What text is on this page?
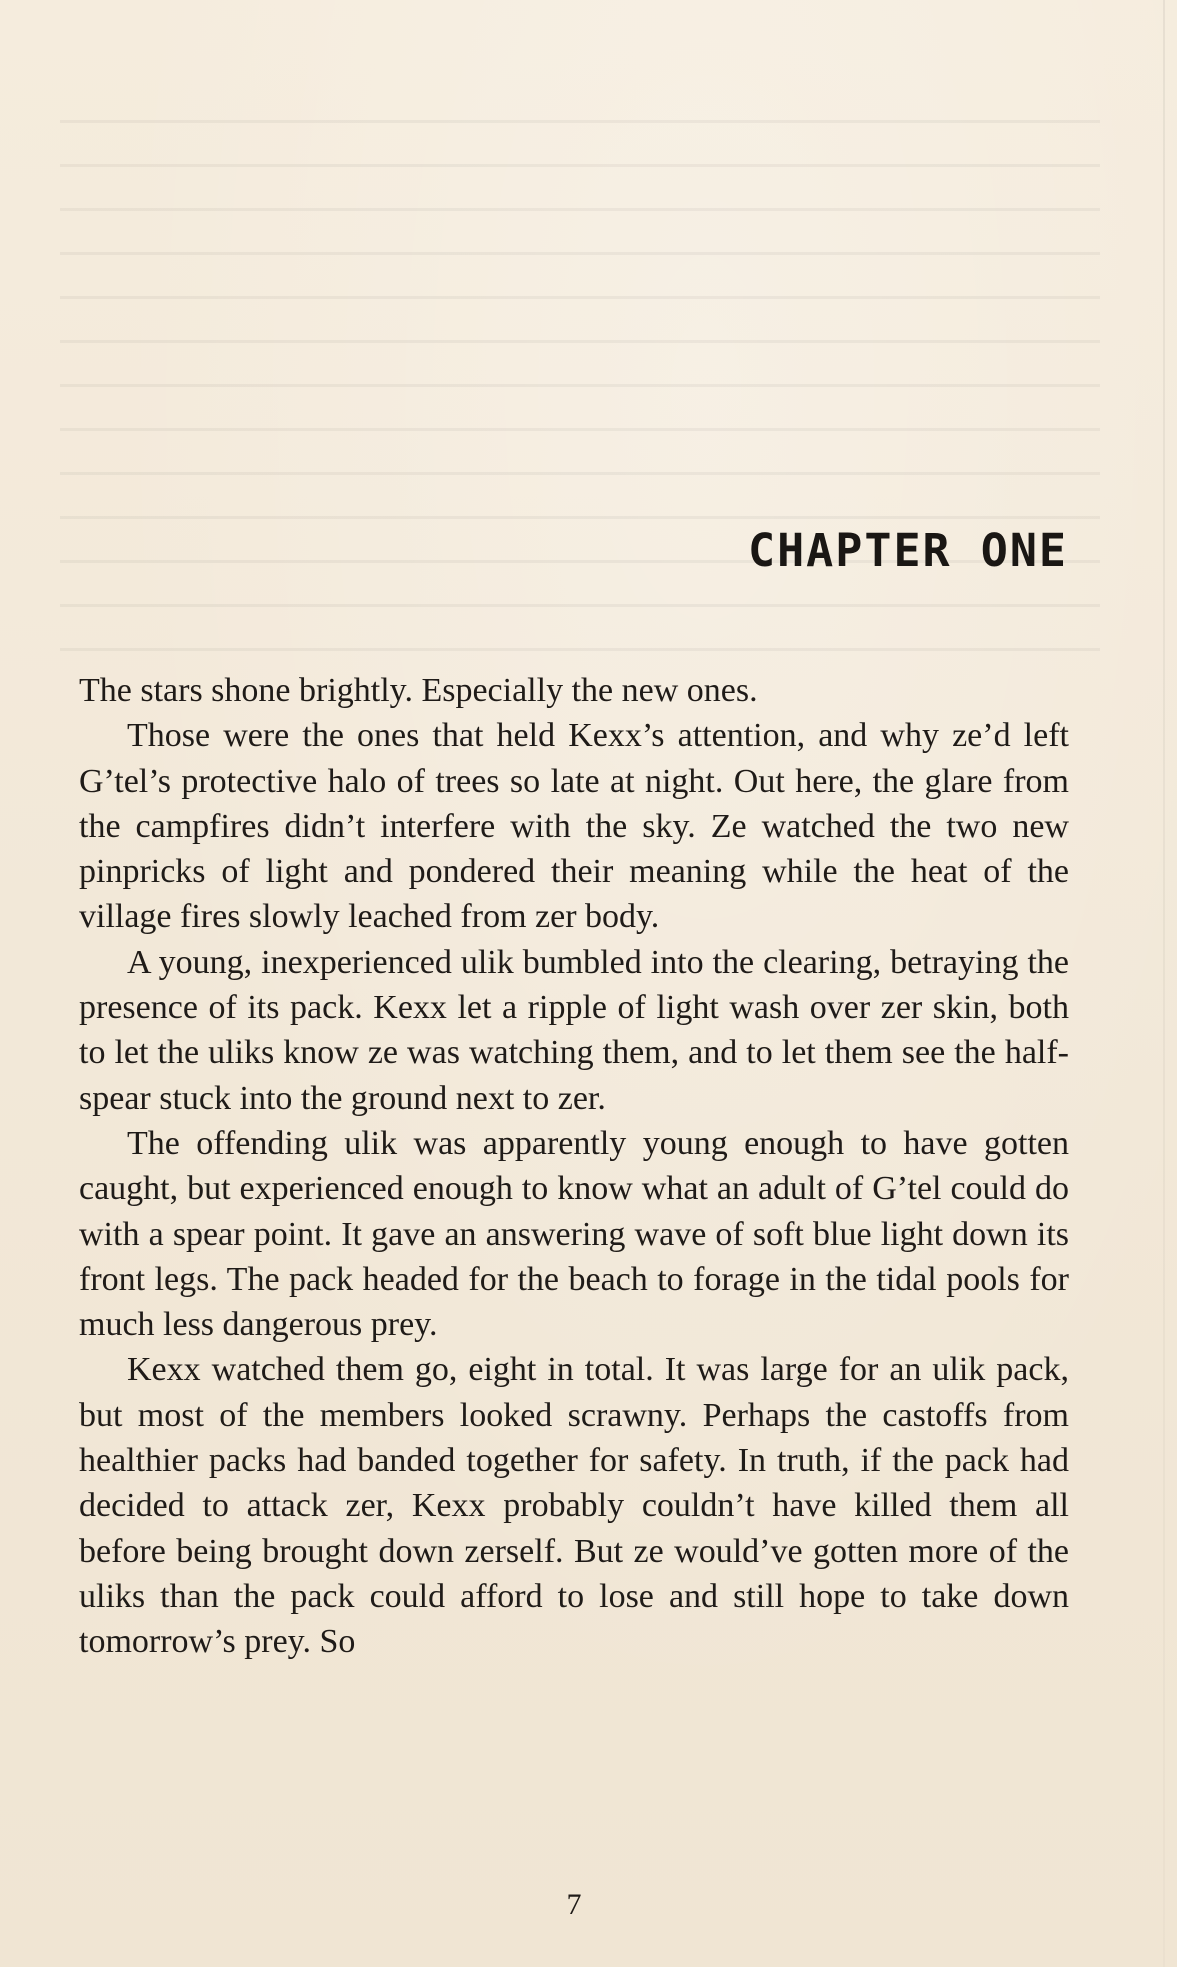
CHAPTER ONE

The stars shone brightly. Especially the new ones.

Those were the ones that held Kexx’s attention, and why ze’d left G’tel’s protective halo of trees so late at night. Out here, the glare from the campfires didn’t interfere with the sky. Ze watched the two new pinpricks of light and pondered their meaning while the heat of the village fires slowly leached from zer body.

A young, inexperienced ulik bumbled into the clearing, betraying the presence of its pack. Kexx let a ripple of light wash over zer skin, both to let the uliks know ze was watching them, and to let them see the half-spear stuck into the ground next to zer.

The offending ulik was apparently young enough to have gotten caught, but experienced enough to know what an adult of G’tel could do with a spear point. It gave an answering wave of soft blue light down its front legs. The pack headed for the beach to forage in the tidal pools for much less dangerous prey.

Kexx watched them go, eight in total. It was large for an ulik pack, but most of the members looked scrawny. Perhaps the castoffs from healthier packs had banded together for safety. In truth, if the pack had decided to attack zer, Kexx probably couldn’t have killed them all before being brought down zerself. But ze would’ve gotten more of the uliks than the pack could afford to lose and still hope to take down tomorrow’s prey. So

7
